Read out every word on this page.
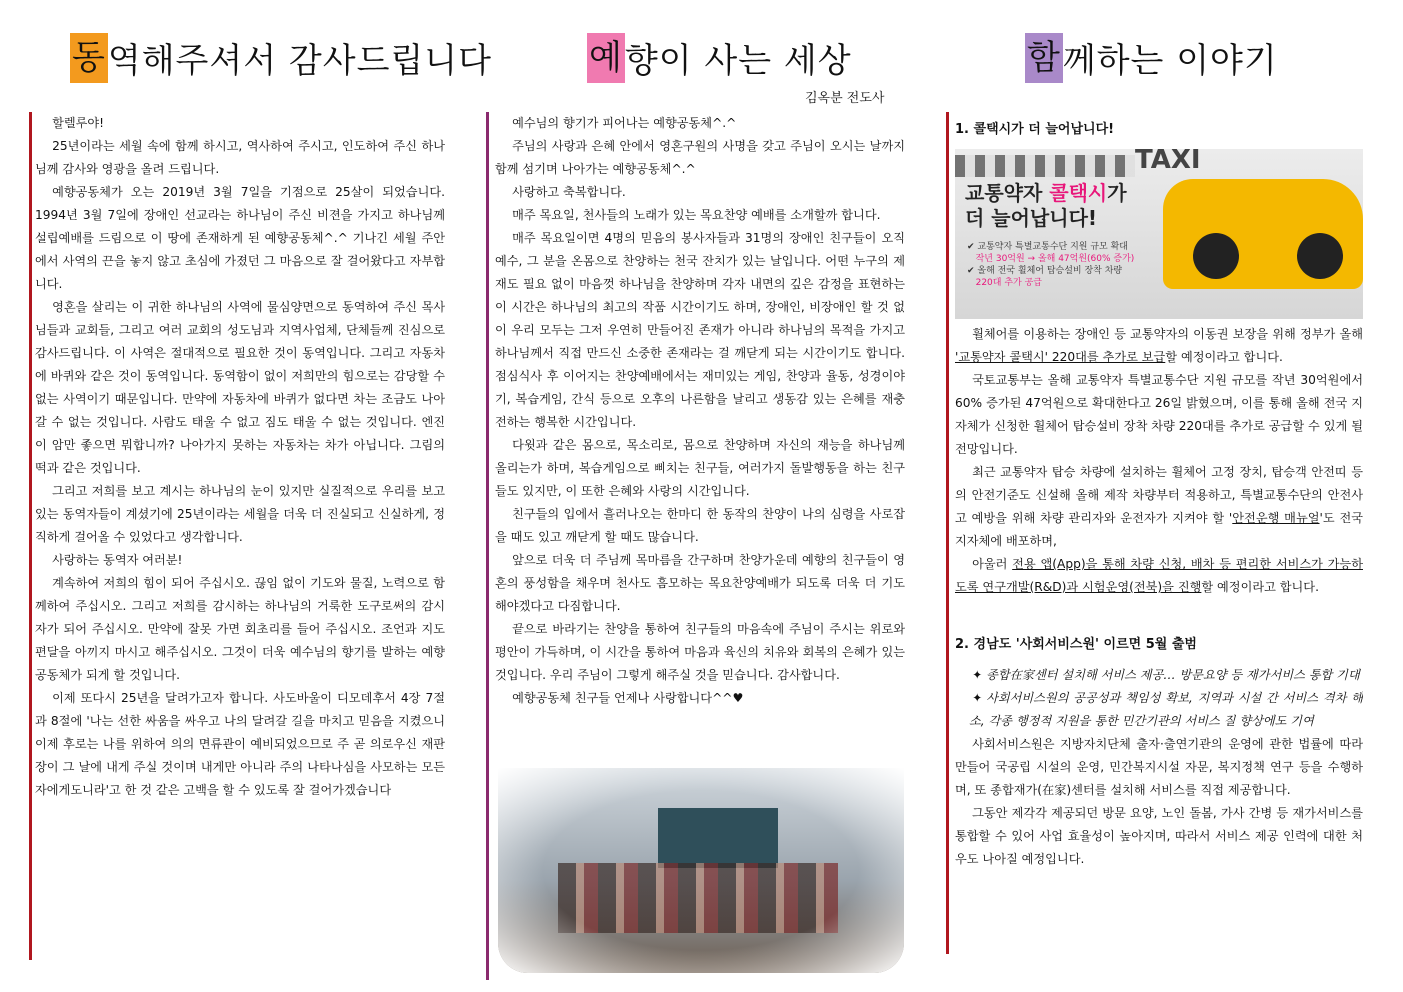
동 역해주셔서 감사드립니다	예 향이 사는 세상	함 께하는 이야기
김옥분 전도사

할렐루야!

25년이라는 세월 속에 함께 하시고, 역사하여 주시고, 인도하여 주신 하나님께 감사와 영광을 올려 드립니다.

예향공동체가 오는 2019년 3월 7일을 기점으로 25살이 되었습니다. 1994년 3월 7일에 장애인 선교라는 하나님이 주신 비젼을 가지고 하나님께 설립예배를 드림으로 이 땅에 존재하게 된 예향공동체^.^ 기나긴 세월 주안에서 사역의 끈을 놓지 않고 초심에 가졌던 그 마음으로 잘 걸어왔다고 자부합니다.

영혼을 살리는 이 귀한 하나님의 사역에 물심양면으로 동역하여 주신 목사님들과 교회들, 그리고 여러 교회의 성도님과 지역사업체, 단체들께 진심으로 감사드립니다. 이 사역은 절대적으로 필요한 것이 동역입니다. 그리고 자동차에 바퀴와 같은 것이 동역입니다. 동역함이 없이 저희만의 힘으로는 감당할 수 없는 사역이기 때문입니다. 만약에 자동차에 바퀴가 없다면 차는 조금도 나아갈 수 없는 것입니다. 사람도 태울 수 없고 짐도 태울 수 없는 것입니다. 엔진이 암만 좋으면 뭐합니까? 나아가지 못하는 자동차는 차가 아닙니다. 그림의 떡과 같은 것입니다.

그리고 저희를 보고 계시는 하나님의 눈이 있지만 실질적으로 우리를 보고 있는 동역자들이 계셨기에 25년이라는 세월을 더욱 더 진실되고 신실하게, 정직하게 걸어올 수 있었다고 생각합니다.

사랑하는 동역자 여러분!

계속하여 저희의 힘이 되어 주십시오. 끊임 없이 기도와 물질, 노력으로 함께하여 주십시오. 그리고 저희를 감시하는 하나님의 거룩한 도구로써의 감시자가 되어 주십시오. 만약에 잘못 가면 회초리를 들어 주십시오. 조언과 지도편달을 아끼지 마시고 해주십시오. 그것이 더욱 예수님의 향기를 발하는 예향공동체가 되게 할 것입니다.

이제 또다시 25년을 달려가고자 합니다. 사도바울이 디모데후서 4장 7절과 8절에 '나는 선한 싸움을 싸우고 나의 달려갈 길을 마치고 믿음을 지켰으니 이제 후로는 나를 위하여 의의 면류관이 예비되었으므로 주 곧 의로우신 재판장이 그 날에 내게 주실 것이며 내게만 아니라 주의 나타나심을 사모하는 모든 자에게도니라'고 한 것 같은 고백을 할 수 있도록 잘 걸어가겠습니다

예수님의 향기가 피어나는 예향공동체^.^

주님의 사랑과 은혜 안에서 영혼구원의 사명을 갖고 주님이 오시는 날까지 함께 섬기며 나아가는 예향공동체^.^

사랑하고 축복합니다.

매주 목요일, 천사들의 노래가 있는 목요찬양 예배를 소개할까 합니다.

매주 목요일이면 4명의 믿음의 봉사자들과 31명의 장애인 친구들이 오직 예수, 그 분을 온몸으로 찬양하는 천국 잔치가 있는 날입니다. 어떤 누구의 제재도 필요 없이 마음껏 하나님을 찬양하며 각자 내면의 깊은 감정을 표현하는 이 시간은 하나님의 최고의 작품 시간이기도 하며, 장애인, 비장애인 할 것 없이 우리 모두는 그저 우연히 만들어진 존재가 아니라 하나님의 목적을 가지고 하나님께서 직접 만드신 소중한 존재라는 걸 깨닫게 되는 시간이기도 합니다. 점심식사 후 이어지는 찬양예배에서는 재미있는 게임, 찬양과 율동, 성경이야기, 복습게임, 간식 등으로 오후의 나른함을 날리고 생동감 있는 은혜를 재충전하는 행복한 시간입니다.

다윗과 같은 몸으로, 목소리로, 몸으로 찬양하며 자신의 재능을 하나님께 올리는가 하며, 복습게임으로 삐치는 친구들, 여러가지 돌발행동을 하는 친구들도 있지만, 이 또한 은혜와 사랑의 시간입니다.

친구들의 입에서 흘러나오는 한마디 한 동작의 찬양이 나의 심령을 사로잡을 때도 있고 깨닫게 할 때도 많습니다.

앞으로 더욱 더 주님께 목마름을 간구하며 찬양가운데 예향의 친구들이 영혼의 풍성함을 채우며 천사도 흠모하는 목요찬양예배가 되도록 더욱 더 기도해야겠다고 다짐합니다.

끝으로 바라기는 찬양을 통하여 친구들의 마음속에 주님이 주시는 위로와 평안이 가득하며, 이 시간을 통하여 마음과 육신의 치유와 회복의 은혜가 있는 것입니다. 우리 주님이 그렇게 해주실 것을 믿습니다. 감사합니다.

예향공동체 친구들 언제나 사랑합니다^^♥

1. 콜택시가 더 늘어납니다!
TAXI
교통약자 콜택시가
더 늘어납니다!
✔ 교통약자 특별교통수단 지원 규모 확대
작년 30억원 → 올해 47억원(60% 증가)
✔ 올해 전국 휠체어 탑승설비 장착 차량
220대 추가 공급

휠체어를 이용하는 장애인 등 교통약자의 이동권 보장을 위해 정부가 올해 '교통약자 콜택시' 220대를 추가로 보급할 예정이라고 합니다.

국토교통부는 올해 교통약자 특별교통수단 지원 규모를 작년 30억원에서 60% 증가된 47억원으로 확대한다고 26일 밝혔으며, 이를 통해 올해 전국 지자체가 신청한 휠체어 탑승설비 장착 차량 220대를 추가로 공급할 수 있게 될 전망입니다.

최근 교통약자 탑승 차량에 설치하는 휠체어 고정 장치, 탑승객 안전띠 등의 안전기준도 신설해 올해 제작 차량부터 적용하고, 특별교통수단의 안전사고 예방을 위해 차량 관리자와 운전자가 지켜야 할 '안전운행 매뉴얼'도 전국 지자체에 배포하며,

아울러 전용 앱(App)을 통해 차량 신청, 배차 등 편리한 서비스가 가능하도록 연구개발(R&D)과 시험운영(전북)을 진행할 예정이라고 합니다.

2. 경남도 '사회서비스원' 이르면 5월 출범

✦ 종합在家센터 설치해 서비스 제공… 방문요양 등 재가서비스 통합 기대

✦ 사회서비스원의 공공성과 책임성 확보, 지역과 시설 간 서비스 격차 해소, 각종 행정적 지원을 통한 민간기관의 서비스 질 향상에도 기여

사회서비스원은 지방자치단체 출자·출연기관의 운영에 관한 법률에 따라 만들어 국공립 시설의 운영, 민간복지시설 자문, 복지정책 연구 등을 수행하며, 또 종합재가(在家)센터를 설치해 서비스를 직접 제공합니다.

그동안 제각각 제공되던 방문 요양, 노인 돌봄, 가사 간병 등 재가서비스를 통합할 수 있어 사업 효율성이 높아지며, 따라서 서비스 제공 인력에 대한 처우도 나아질 예정입니다.
